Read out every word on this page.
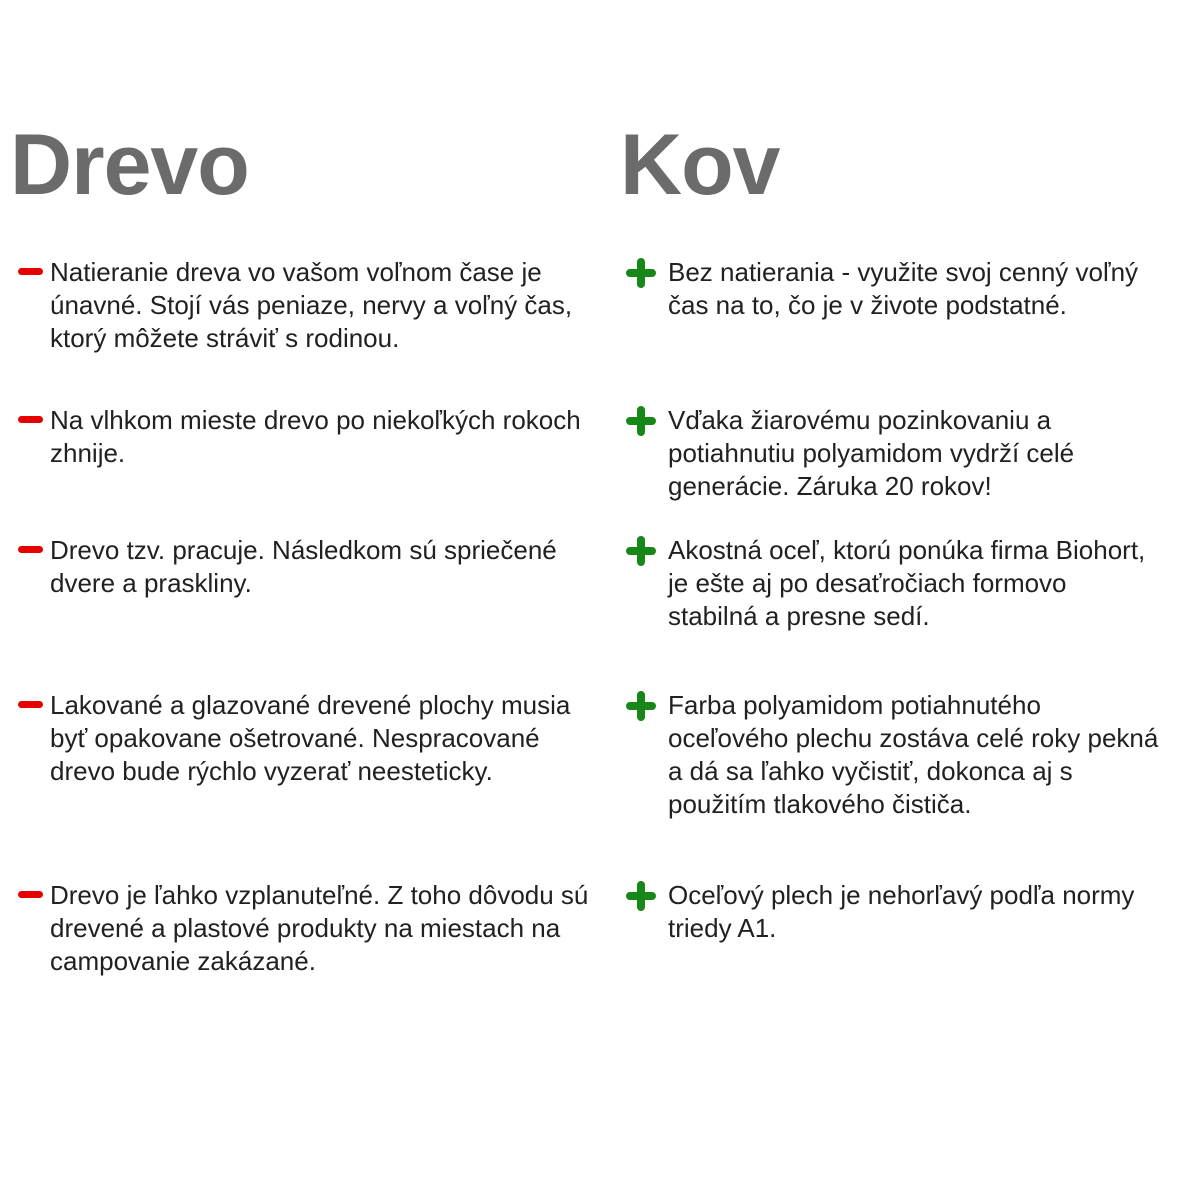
Drevo

Natieranie dreva vo vašom voľnom čase je únavné. Stojí vás peniaze, nervy a voľný čas, ktorý môžete stráviť s rodinou.

Na vlhkom mieste drevo po niekoľkých rokoch zhnije.

Drevo tzv. pracuje. Následkom sú spriečené dvere a praskliny.

Lakované a glazované drevené plochy musia byť opakovane ošetrované. Nespracované drevo bude rýchlo vyzerať neesteticky.

Drevo je ľahko vzplanuteľné. Z toho dôvodu sú drevené a plastové produkty na miestach na campovanie zakázané.

Kov

Bez natierania - využite svoj cenný voľný čas na to, čo je v živote podstatné.

Vďaka žiarovému pozinkovaniu a potiahnutiu polyamidom vydrží celé generácie. Záruka 20 rokov!

Akostná oceľ, ktorú ponúka firma Biohort, je ešte aj po desaťročiach formovo stabilná a presne sedí.

Farba polyamidom potiahnutého oceľového plechu zostáva celé roky pekná a dá sa ľahko vyčistiť, dokonca aj s použitím tlakového čističa.

Oceľový plech je nehorľavý podľa normy triedy A1.
